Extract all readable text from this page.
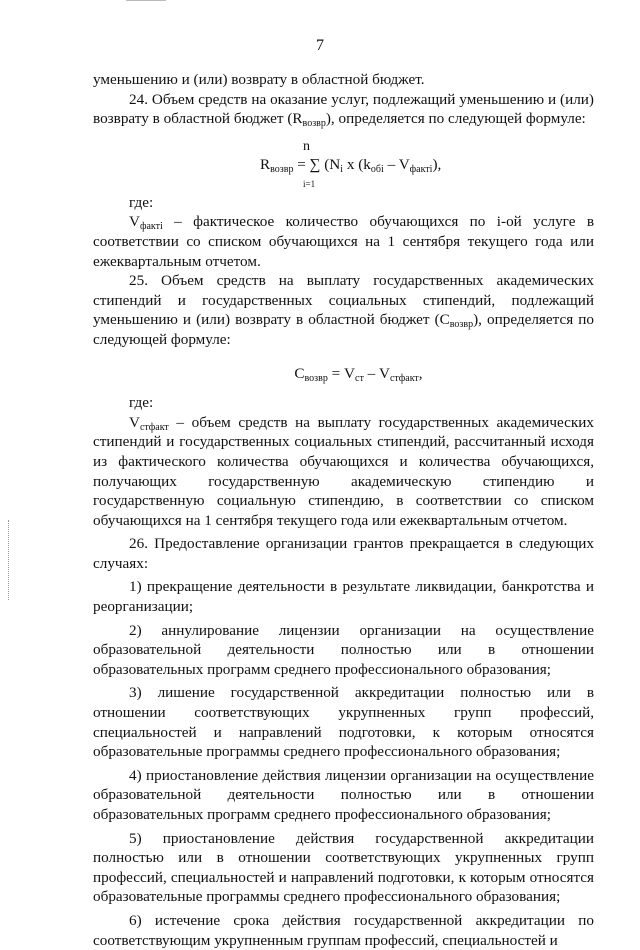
7

уменьшению и (или) возврату в областной бюджет.

24. Объем средств на оказание услуг, подлежащий уменьшению и (или) возврату в областной бюджет $(R_{возвр})$, определяется по следующей формуле:

n
$R_{возвр}$ = ∑ ($N_i$ x $(k_{обi} - V_{фактi})$,
i=1

где:

$V_{фактi}$ – фактическое количество обучающихся по i-ой услуге в соответствии со списком обучающихся на 1 сентября текущего года или ежеквартальным отчетом.

25. Объем средств на выплату государственных академических стипендий и государственных социальных стипендий, подлежащий уменьшению и (или) возврату в областной бюджет $(С_{возвр})$, определяется по следующей формуле:

$С_{возвр} = V_{ст} - V_{стфакт}$,

где:

$V_{стфакт}$ – объем средств на выплату государственных академических стипендий и государственных социальных стипендий, рассчитанный исходя из фактического количества обучающихся и количества обучающихся, получающих государственную академическую стипендию и государственную социальную стипендию, в соответствии со списком обучающихся на 1 сентября текущего года или ежеквартальным отчетом.

26. Предоставление организации грантов прекращается в следующих случаях:

1) прекращение деятельности в результате ликвидации, банкротства и реорганизации;

2) аннулирование лицензии организации на осуществление образовательной деятельности полностью или в отношении образовательных программ среднего профессионального образования;

3) лишение государственной аккредитации полностью или в отношении соответствующих укрупненных групп профессий, специальностей и направлений подготовки, к которым относятся образовательные программы среднего профессионального образования;

4) приостановление действия лицензии организации на осуществление образовательной деятельности полностью или в отношении образовательных программ среднего профессионального образования;

5) приостановление действия государственной аккредитации полностью или в отношении соответствующих укрупненных групп профессий, специальностей и направлений подготовки, к которым относятся образовательные программы среднего профессионального образования;

6) истечение срока действия государственной аккредитации по соответствующим укрупненным группам профессий, специальностей и
